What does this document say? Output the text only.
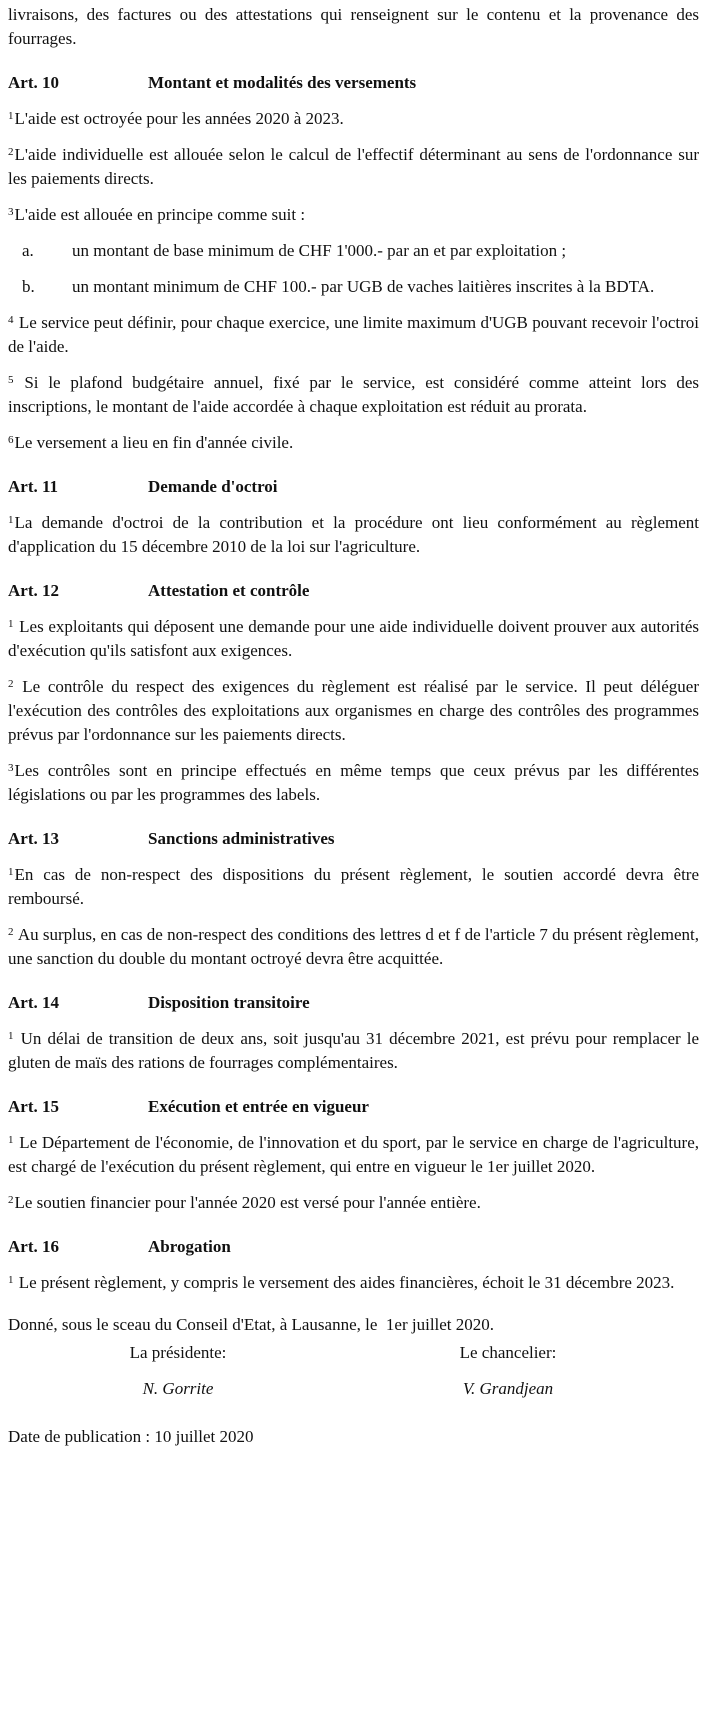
livraisons, des factures ou des attestations qui renseignent sur le contenu et la provenance des fourrages.

Art. 10	Montant et modalités des versements

$^1$L'aide est octroyée pour les années 2020 à 2023.

$^2$L'aide individuelle est allouée selon le calcul de l'effectif déterminant au sens de l'ordonnance sur les paiements directs.

$^3$L'aide est allouée en principe comme suit :

a.	un montant de base minimum de CHF 1'000.- par an et par exploitation ;
b.	un montant minimum de CHF 100.- par UGB de vaches laitières inscrites à la BDTA.

$^4$ Le service peut définir, pour chaque exercice, une limite maximum d'UGB pouvant recevoir l'octroi de l'aide.

$^5$ Si le plafond budgétaire annuel, fixé par le service, est considéré comme atteint lors des inscriptions, le montant de l'aide accordée à chaque exploitation est réduit au prorata.

$^6$Le versement a lieu en fin d'année civile.

Art. 11	Demande d'octroi

$^1$La demande d'octroi de la contribution et la procédure ont lieu conformément au règlement d'application du 15 décembre 2010 de la loi sur l'agriculture.

Art. 12	Attestation et contrôle

$^1$ Les exploitants qui déposent une demande pour une aide individuelle doivent prouver aux autorités d'exécution qu'ils satisfont aux exigences.

$^2$ Le contrôle du respect des exigences du règlement est réalisé par le service. Il peut déléguer l'exécution des contrôles des exploitations aux organismes en charge des contrôles des programmes prévus par l'ordonnance sur les paiements directs.

$^3$Les contrôles sont en principe effectués en même temps que ceux prévus par les différentes législations ou par les programmes des labels.

Art. 13	Sanctions administratives

$^1$En cas de non-respect des dispositions du présent règlement, le soutien accordé devra être remboursé.

$^2$ Au surplus, en cas de non-respect des conditions des lettres d et f de l'article 7 du présent règlement, une sanction du double du montant octroyé devra être acquittée.

Art. 14	Disposition transitoire

$^1$ Un délai de transition de deux ans, soit jusqu'au 31 décembre 2021, est prévu pour remplacer le gluten de maïs des rations de fourrages complémentaires.

Art. 15	Exécution et entrée en vigueur

$^1$ Le Département de l'économie, de l'innovation et du sport, par le service en charge de l'agriculture, est chargé de l'exécution du présent règlement, qui entre en vigueur le 1er juillet 2020.

$^2$Le soutien financier pour l'année 2020 est versé pour l'année entière.

Art. 16	Abrogation

$^1$ Le présent règlement, y compris le versement des aides financières, échoit le 31 décembre 2023.

Donné, sous le sceau du Conseil d'Etat, à Lausanne, le  1er juillet 2020.

La présidente:
N. Gorrite
Le chancelier:
V. Grandjean

Date de publication : 10 juillet 2020
